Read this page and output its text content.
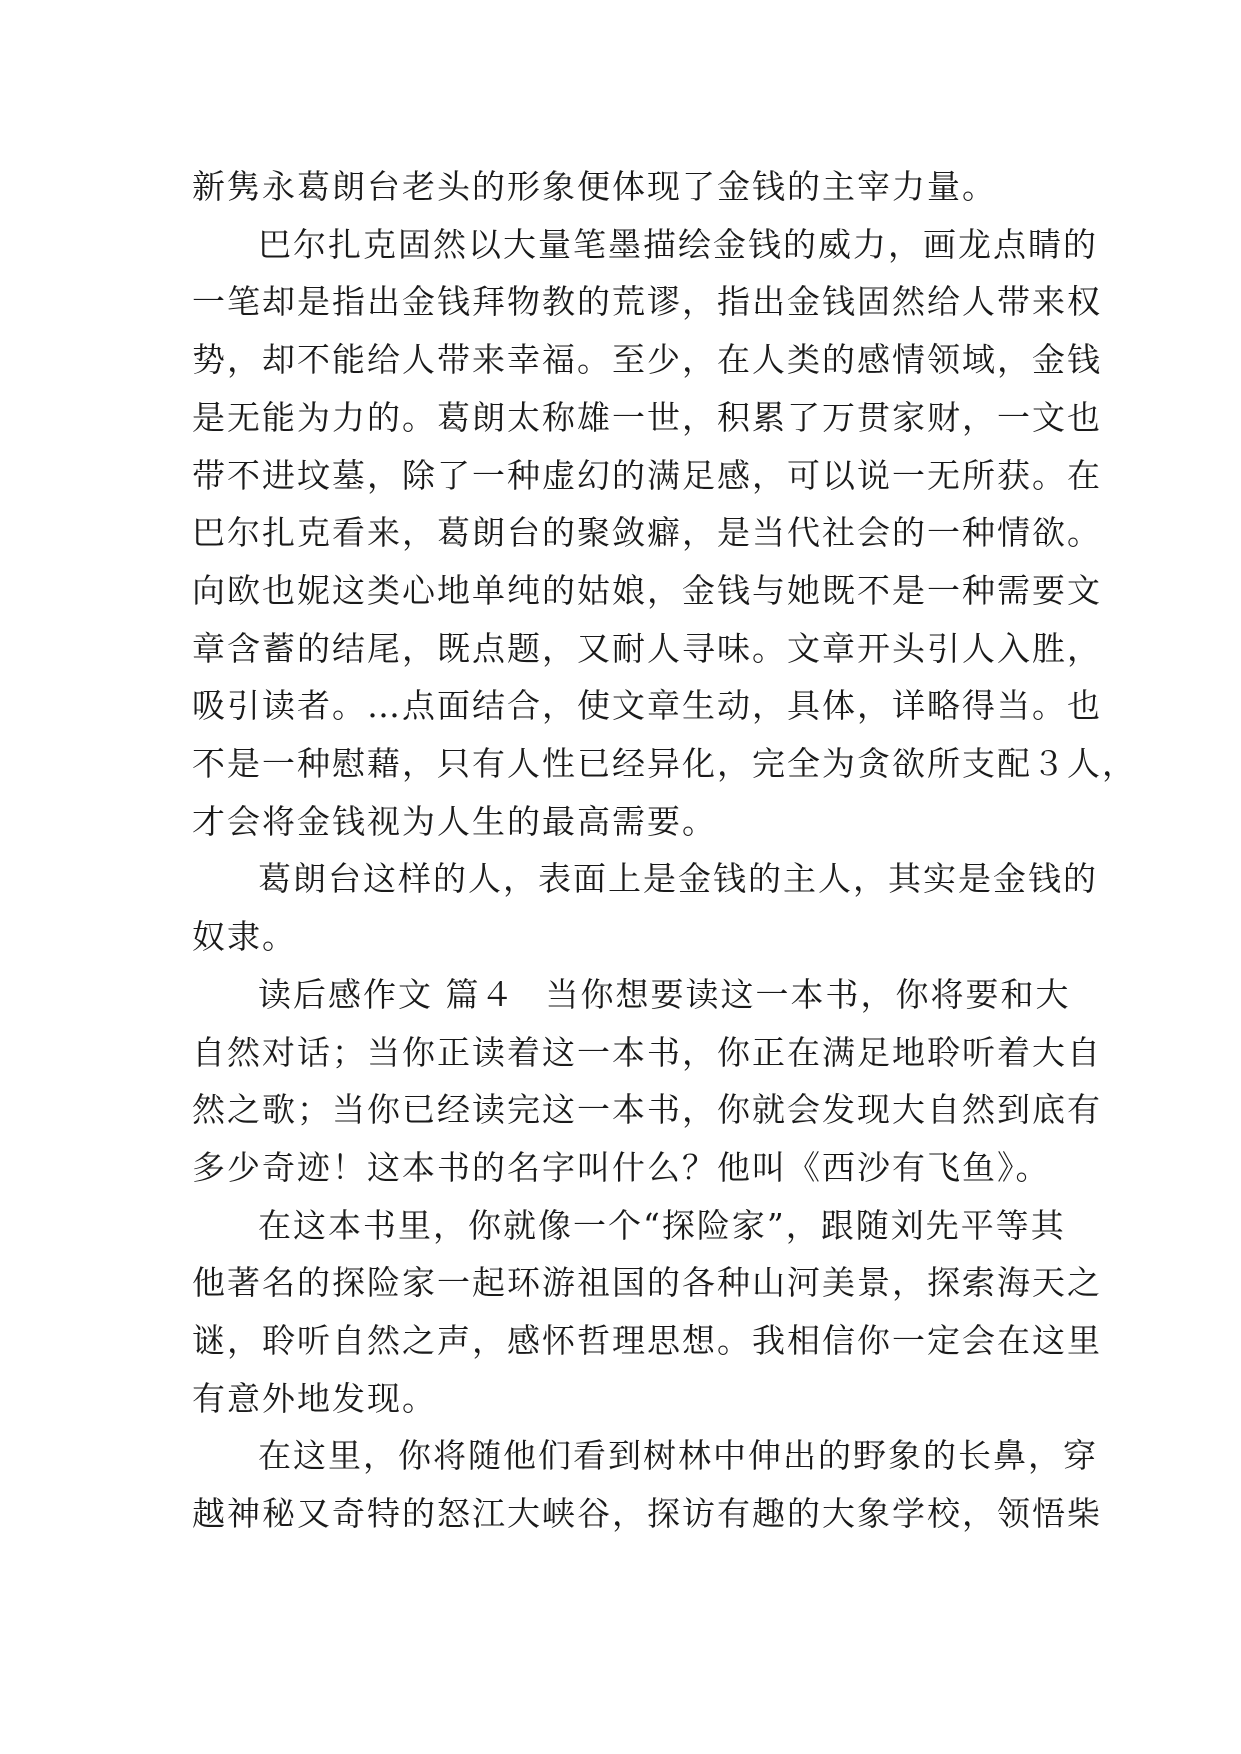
新隽永葛朗台老头的形象便体现了金钱的主宰力量。
巴尔扎克固然以大量笔墨描绘金钱的威力，画龙点睛的
一笔却是指出金钱拜物教的荒谬，指出金钱固然给人带来权
势，却不能给人带来幸福。至少，在人类的感情领域，金钱
是无能为力的。葛朗太称雄一世，积累了万贯家财，一文也
带不进坟墓，除了一种虚幻的满足感，可以说一无所获。在
巴尔扎克看来，葛朗台的聚敛癖，是当代社会的一种情欲。
向欧也妮这类心地单纯的姑娘，金钱与她既不是一种需要文
章含蓄的结尾，既点题，又耐人寻味。文章开头引人入胜，
吸引读者。…点面结合，使文章生动，具体，详略得当。也
不是一种慰藉，只有人性已经异化，完全为贪欲所支配３人，
才会将金钱视为人生的最高需要。
葛朗台这样的人，表面上是金钱的主人，其实是金钱的
奴隶。
读后感作文 篇４ 当你想要读这一本书，你将要和大
自然对话；当你正读着这一本书，你正在满足地聆听着大自
然之歌；当你已经读完这一本书，你就会发现大自然到底有
多少奇迹！这本书的名字叫什么？他叫《西沙有飞鱼》。
在这本书里，你就像一个“探险家”，跟随刘先平等其
他著名的探险家一起环游祖国的各种山河美景，探索海天之
谜，聆听自然之声，感怀哲理思想。我相信你一定会在这里
有意外地发现。
在这里，你将随他们看到树林中伸出的野象的长鼻，穿
越神秘又奇特的怒江大峡谷，探访有趣的大象学校，领悟柴
